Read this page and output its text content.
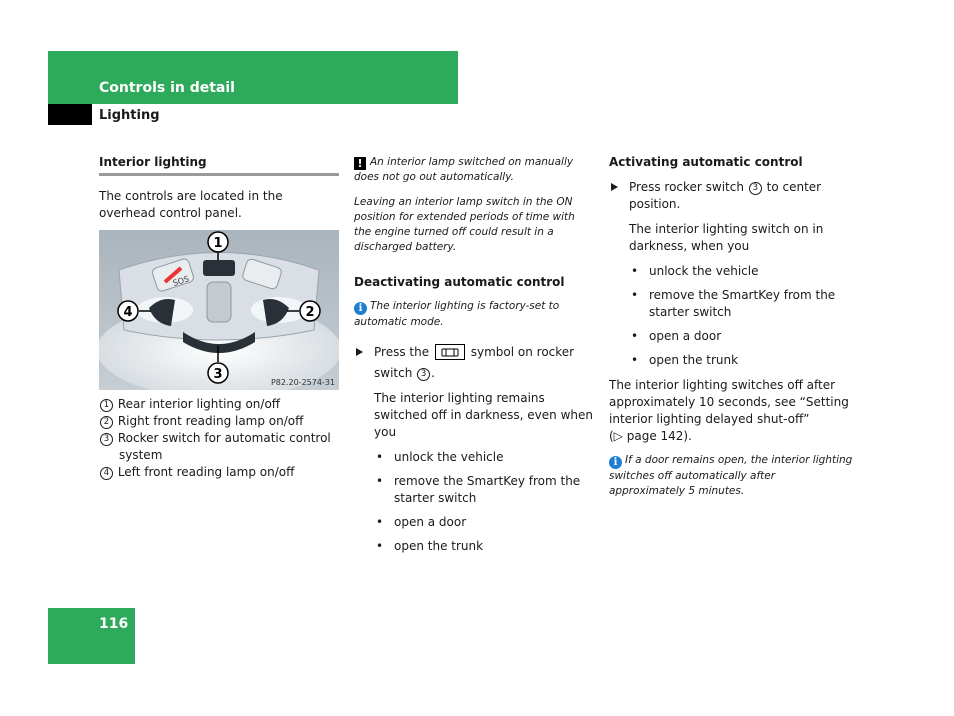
Controls in detail
Lighting
Interior lighting

The controls are located in the overhead control panel.

SOS
1
2
3
4
P82.20-2574-31
1 Rear interior lighting on/off
2 Right front reading lamp on/off
3 Rocker switch for automatic control
system
4 Left front reading lamp on/off
! An interior lamp switched on manually does not go out automatically.
Leaving an interior lamp switch in the ON position for extended periods of time with the engine turned off could result in a discharged battery.
Deactivating automatic control
i The interior lighting is factory-set to automatic mode.
Press the	symbol on rocker switch 3 .

The interior lighting remains switched off in darkness, even when you

• unlock the vehicle
• remove the SmartKey from the starter switch
• open a door
• open the trunk
Activating automatic control
Press rocker switch 3 to center position.

The interior lighting switch on in darkness, when you

• unlock the vehicle
• remove the SmartKey from the starter switch
• open a door
• open the trunk

The interior lighting switches off after approximately 10 seconds, see “Setting interior lighting delayed shut-off”

(▷ page 142).

i If a door remains open, the interior lighting switches off automatically after approximately 5 minutes.
116
